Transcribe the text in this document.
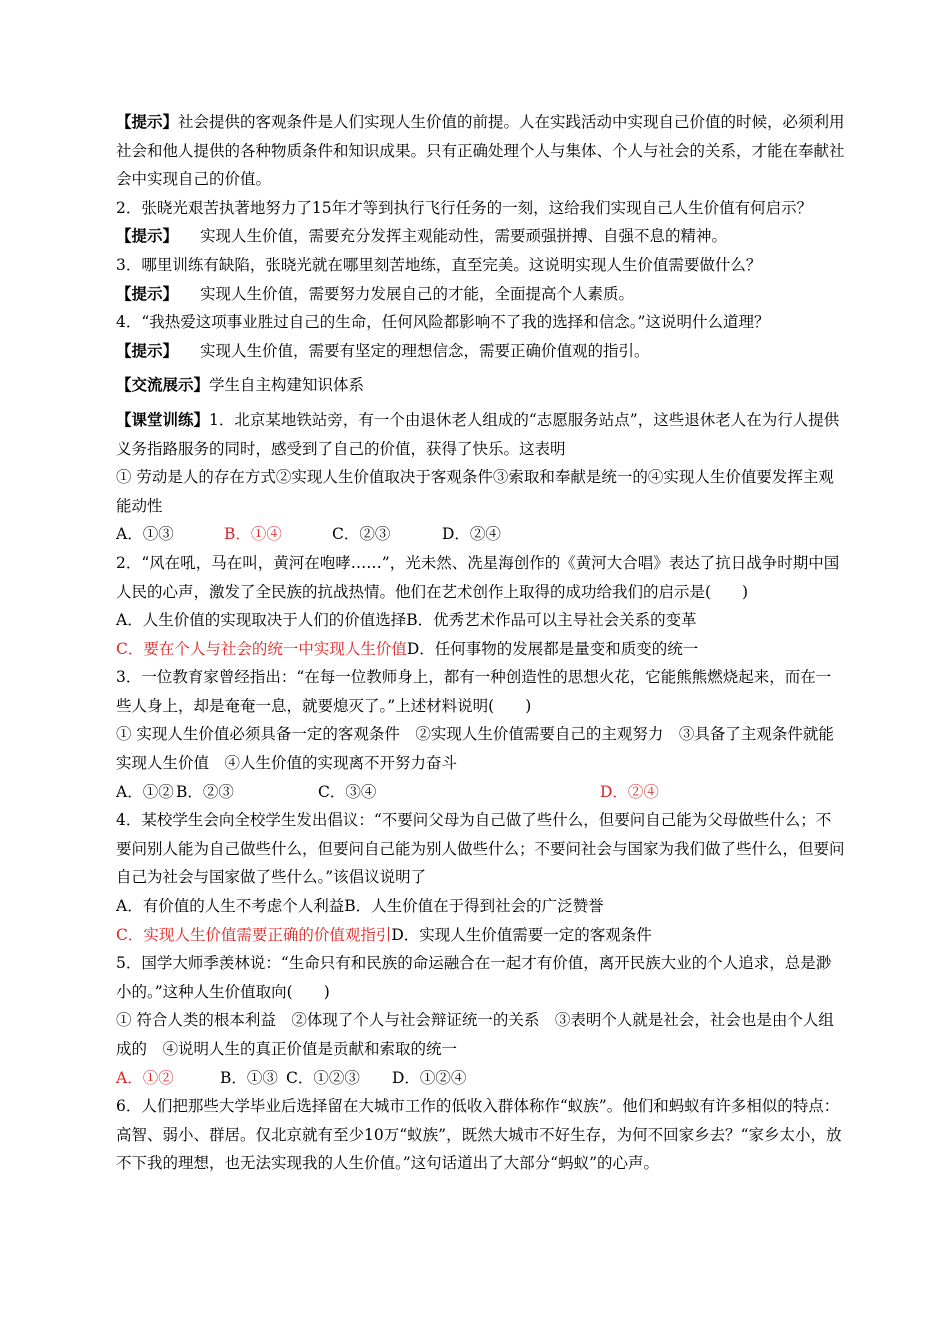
【提示】社会提供的客观条件是人们实现人生价值的前提。人在实践活动中实现自己价值的时候，必须利用社会和他人提供的各种物质条件和知识成果。只有正确处理个人与集体、个人与社会的关系，才能在奉献社会中实现自己的价值。

2．张晓光艰苦执著地努力了15年才等到执行飞行任务的一刻，这给我们实现自己人生价值有何启示？

【提示】 实现人生价值，需要充分发挥主观能动性，需要顽强拼搏、自强不息的精神。

3．哪里训练有缺陷，张晓光就在哪里刻苦地练，直至完美。这说明实现人生价值需要做什么？

【提示】 实现人生价值，需要努力发展自己的才能，全面提高个人素质。

4．“我热爱这项事业胜过自己的生命，任何风险都影响不了我的选择和信念。”这说明什么道理？

【提示】 实现人生价值，需要有坚定的理想信念，需要正确价值观的指引。

【交流展示】学生自主构建知识体系

【课堂训练】1．北京某地铁站旁，有一个由退休老人组成的“志愿服务站点”，这些退休老人在为行人提供义务指路服务的同时，感受到了自己的价值，获得了快乐。这表明

① 劳动是人的存在方式②实现人生价值取决于客观条件③索取和奉献是统一的④实现人生价值要发挥主观能动性

A．①③	B．①④	C．②③	D．②④

2．“风在吼，马在叫，黄河在咆哮……”，光未然、冼星海创作的《黄河大合唱》表达了抗日战争时期中国人民的心声，激发了全民族的抗战热情。他们在艺术创作上取得的成功给我们的启示是(　　)

A．人生价值的实现取决于人们的价值选择B．优秀艺术作品可以主导社会关系的变革

C．要在个人与社会的统一中实现人生价值D．任何事物的发展都是量变和质变的统一

3．一位教育家曾经指出：“在每一位教师身上，都有一种创造性的思想火花，它能熊熊燃烧起来，而在一些人身上，却是奄奄一息，就要熄灭了。”上述材料说明(　　)

① 实现人生价值必须具备一定的客观条件　②实现人生价值需要自己的主观努力　③具备了主观条件就能实现人生价值　④人生价值的实现离不开努力奋斗

A．①② B．②③	C．③④	D．②④

4．某校学生会向全校学生发出倡议：“不要问父母为自己做了些什么，但要问自己能为父母做些什么；不要问别人能为自己做些什么，但要问自己能为别人做些什么；不要问社会与国家为我们做了些什么，但要问自己为社会与国家做了些什么。”该倡议说明了

A．有价值的人生不考虑个人利益B．人生价值在于得到社会的广泛赞誉

C．实现人生价值需要正确的价值观指引D．实现人生价值需要一定的客观条件

5．国学大师季羡林说：“生命只有和民族的命运融合在一起才有价值，离开民族大业的个人追求，总是渺小的。”这种人生价值取向(　　)

① 符合人类的根本利益　②体现了个人与社会辩证统一的关系　③表明个人就是社会，社会也是由个人组成的　④说明人生的真正价值是贡献和索取的统一

A．①②	B．①③ C．①②③ D．①②④

6．人们把那些大学毕业后选择留在大城市工作的低收入群体称作“蚁族”。他们和蚂蚁有许多相似的特点：高智、弱小、群居。仅北京就有至少10万“蚁族”，既然大城市不好生存，为何不回家乡去？“家乡太小，放不下我的理想，也无法实现我的人生价值。”这句话道出了大部分“蚂蚁”的心声。
